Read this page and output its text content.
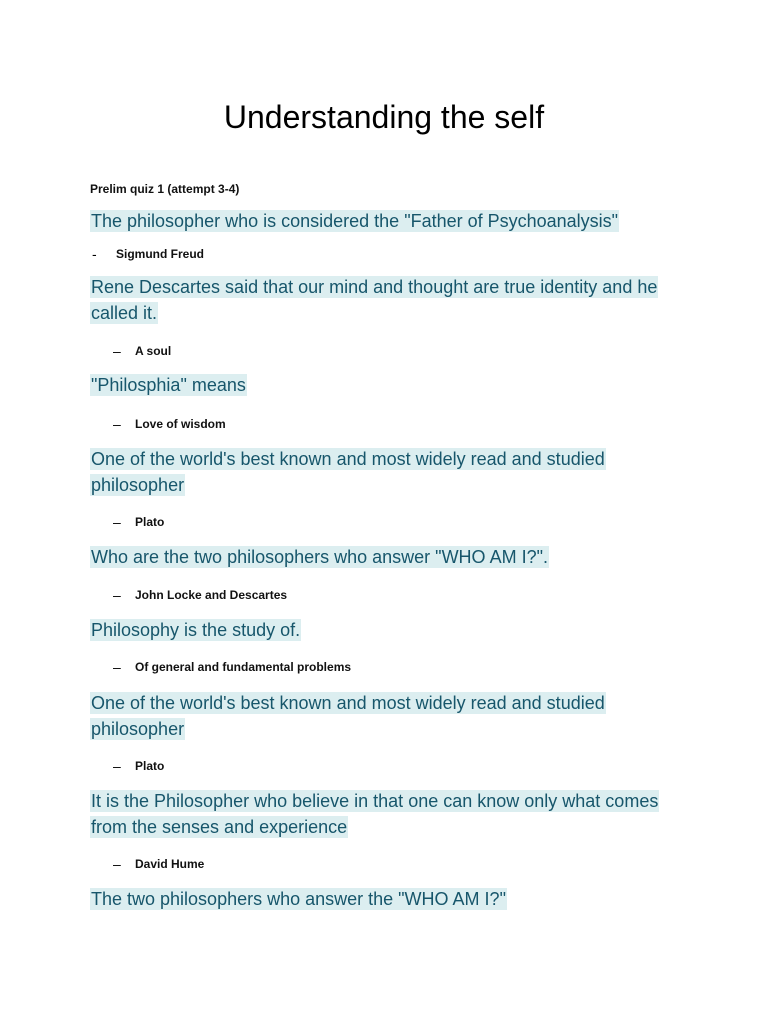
Understanding the self

Prelim quiz 1 (attempt 3-4)

The philosopher who is considered the "Father of Psychoanalysis"

-	Sigmund Freud

Rene Descartes said that our mind and thought are true identity and he called it.

–	A soul

"Philosphia" means

–	Love of wisdom

One of the world's best known and most widely read and studied philosopher

–	Plato

Who are the two philosophers who answer "WHO AM I?".

–	John Locke and Descartes

Philosophy is the study of.

–	Of general and fundamental problems

One of the world's best known and most widely read and studied philosopher

–	Plato

It is the Philosopher who believe in that one can know only what comes from the senses and experience

–	David Hume

The two philosophers who answer the "WHO AM I?"
